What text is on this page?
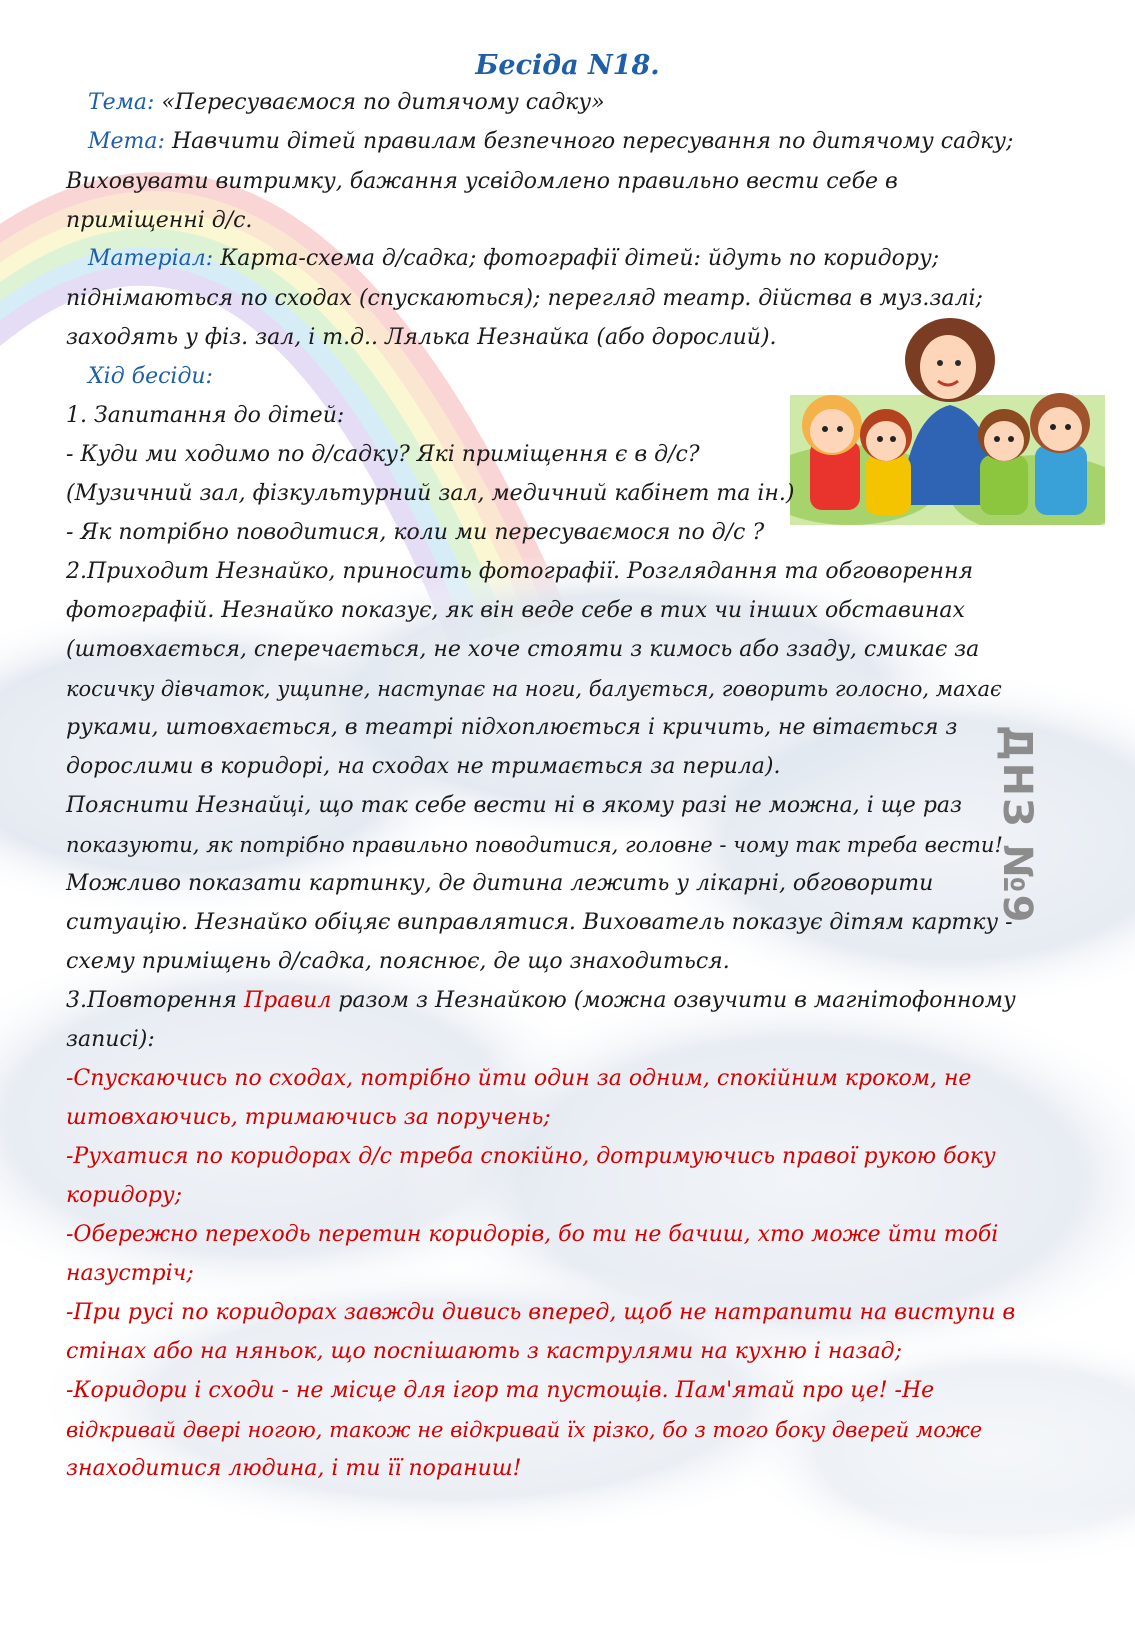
Бесіда N18.
Тема: «Пересуваємося по дитячому садку»
Мета: Навчити дітей правилам безпечного пересування по дитячому садку;
Виховувати витримку, бажання усвідомлено правильно вести себе в
приміщенні д/с.
Матеріал: Карта-схема д/садка; фотографії дітей: йдуть по коридору;
піднімаються по сходах (спускаються); перегляд театр. дійства в муз.залі;
заходять у фіз. зал, і т.д.. Лялька Незнайка (або дорослий).
Хід бесіди:
1. Запитання до дітей:
- Куди ми ходимо по д/садку? Які приміщення є в д/с?
(Музичний зал, фізкультурний зал, медичний кабінет та ін.)
- Як потрібно поводитися, коли ми пересуваємося по д/с ?
2.Приходит Незнайко, приносить фотографії. Розглядання та обговорення
фотографій. Незнайко показує, як він веде себе в тих чи інших обставинах
(штовхається, сперечається, не хоче стояти з кимось або ззаду, смикає за
косичку дівчаток, ущипне, наступає на ноги, балується, говорить голосно, махає
руками, штовхається, в театрі підхоплюється і кричить, не вітається з
дорослими в коридорі, на сходах не тримається за перила).
Пояснити Незнайці, що так себе вести ні в якому разі не можна, і ще раз
показуюти, як потрібно правильно поводитися, головне - чому так треба вести!
Можливо показати картинку, де дитина лежить у лікарні, обговорити
ситуацію. Незнайко обіцяє виправлятися. Вихователь показує дітям картку -
схему приміщень д/садка, пояснює, де що знаходиться.
3.Повторення Правил разом з Незнайкою (можна озвучити в магнітофонному
записі):
-Спускаючись по сходах, потрібно йти один за одним, спокійним кроком, не
штовхаючись, тримаючись за поручень;
-Рухатися по коридорах д/с треба спокійно, дотримуючись правої рукою боку
коридору;
-Обережно переходь перетин коридорів, бо ти не бачиш, хто може йти тобі
назустріч;
-При русі по коридорах завжди дивись вперед, щоб не натрапити на виступи в
стінах або на няньок, що поспішають з каструлями на кухню і назад;
-Коридори і сходи - не місце для ігор та пустощів. Пам'ятай про це! -Не
відкривай двері ногою, також не відкривай їх різко, бо з того боку дверей може
знаходитися людина, і ти її пораниш!
ДНЗ №9
